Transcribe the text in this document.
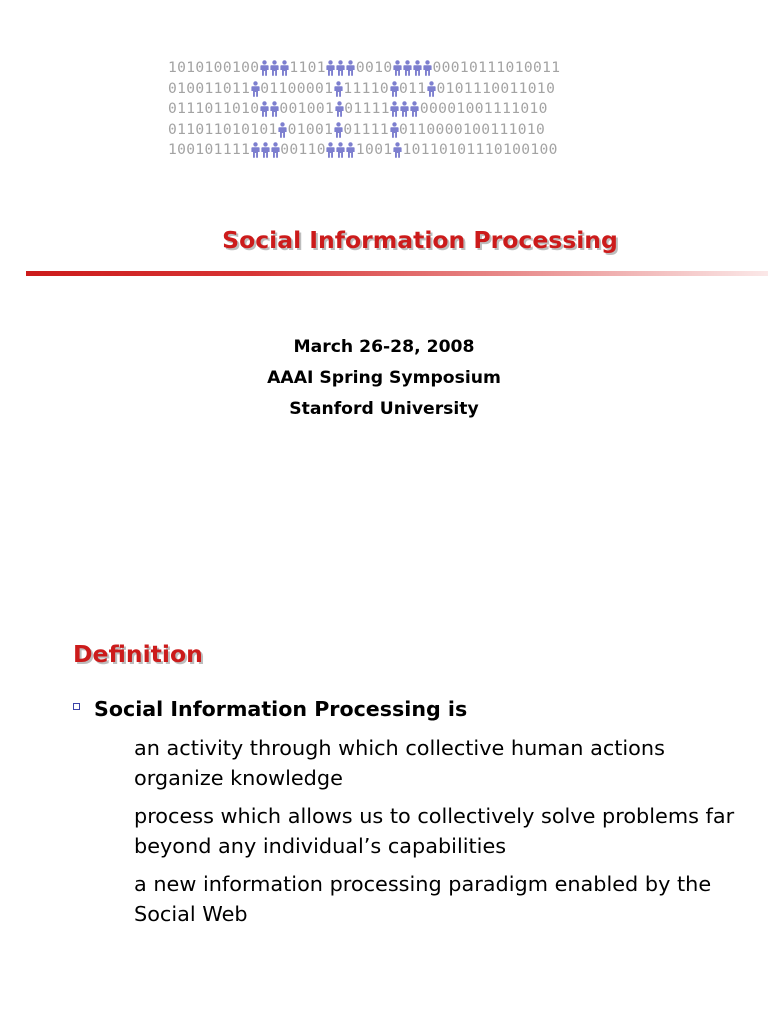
1010100100 1101 0010	00010111010011
010011011 01100001 11110 011 0101110011010
0111011010 001001 01111 00001001111010
011011010101 01001 01111 0110000100111010
100101111 00110 1001 10110101110100100
Social Information Processing
March 26-28, 2008
AAAI Spring Symposium
Stanford University
Definition
Social Information Processing is
an activity through which collective human actions organize knowledge
process which allows us to collectively solve problems far beyond any individual’s capabilities
a new information processing paradigm enabled by the Social Web
